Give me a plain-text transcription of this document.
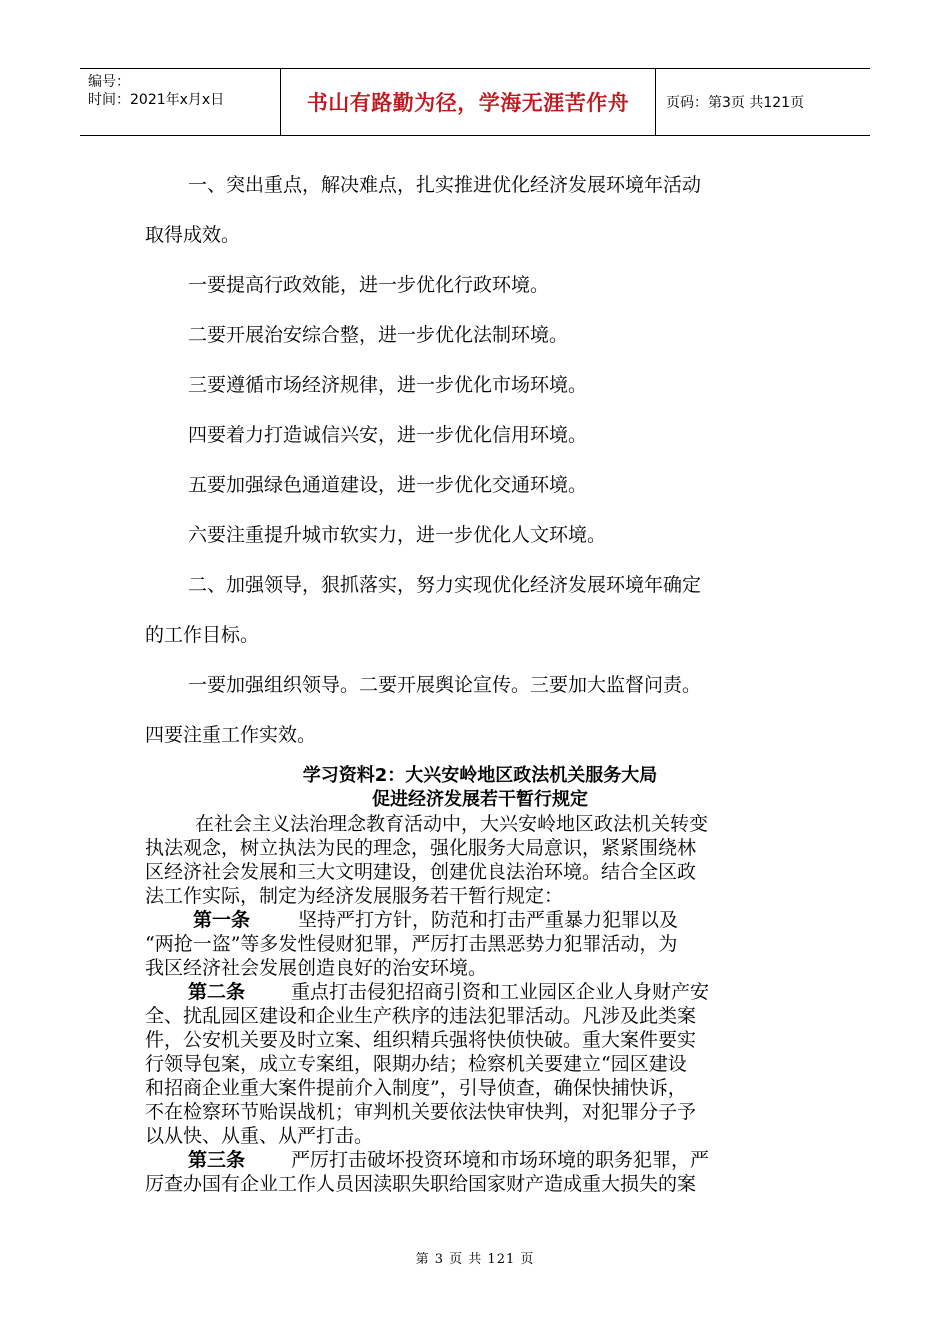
编号：
时间：2021年x月x日	书山有路勤为径，学海无涯苦作舟	页码：第3页 共121页

一、突出重点，解决难点，扎实推进优化经济发展环境年活动

取得成效。

一要提高行政效能，进一步优化行政环境。

二要开展治安综合整，进一步优化法制环境。

三要遵循市场经济规律，进一步优化市场环境。

四要着力打造诚信兴安，进一步优化信用环境。

五要加强绿色通道建设，进一步优化交通环境。

六要注重提升城市软实力，进一步优化人文环境。

二、加强领导，狠抓落实，努力实现优化经济发展环境年确定

的工作目标。

一要加强组织领导。二要开展舆论宣传。三要加大监督问责。

四要注重工作实效。

学习资料2：大兴安岭地区政法机关服务大局

促进经济发展若干暂行规定

在社会主义法治理念教育活动中，大兴安岭地区政法机关转变

执法观念，树立执法为民的理念，强化服务大局意识，紧紧围绕林

区经济社会发展和三大文明建设，创建优良法治环境。结合全区政

法工作实际，制定为经济发展服务若干暂行规定：

第一条	坚持严打方针，防范和打击严重暴力犯罪以及

“两抢一盗”等多发性侵财犯罪，严厉打击黑恶势力犯罪活动，为

我区经济社会发展创造良好的治安环境。

第二条 重点打击侵犯招商引资和工业园区企业人身财产安

全、扰乱园区建设和企业生产秩序的违法犯罪活动。凡涉及此类案

件，公安机关要及时立案、组织精兵强将快侦快破。重大案件要实

行领导包案，成立专案组，限期办结；检察机关要建立“园区建设

和招商企业重大案件提前介入制度”，引导侦查，确保快捕快诉，

不在检察环节贻误战机；审判机关要依法快审快判，对犯罪分子予

以从快、从重、从严打击。

第三条 严厉打击破坏投资环境和市场环境的职务犯罪，严

厉查办国有企业工作人员因渎职失职给国家财产造成重大损失的案

第 3 页 共 121 页
